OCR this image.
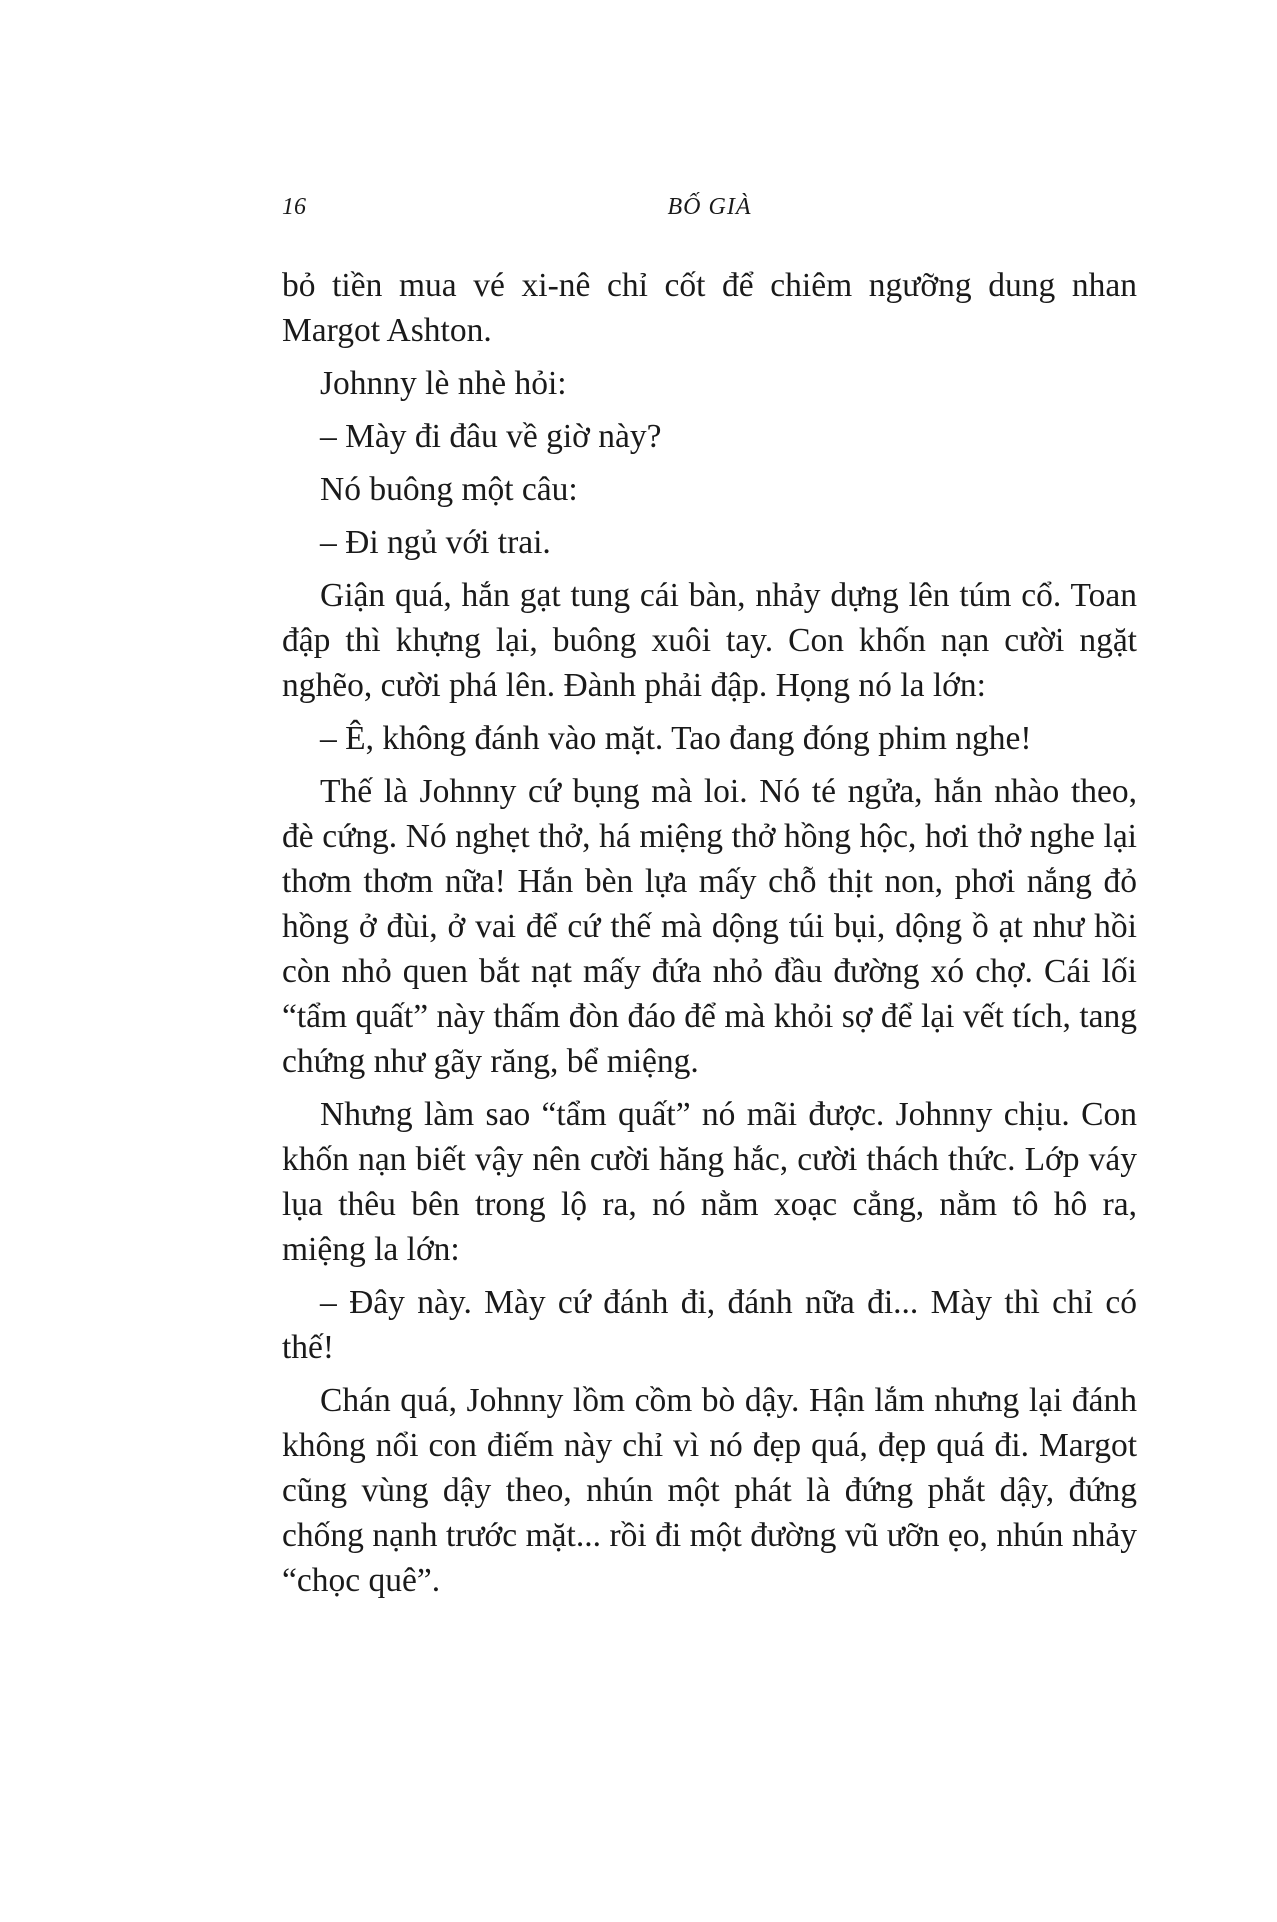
16	BỐ GIÀ

bỏ tiền mua vé xi-nê chỉ cốt để chiêm ngưỡng dung nhan Margot Ashton.

Johnny lè nhè hỏi:

– Mày đi đâu về giờ này?

Nó buông một câu:

– Đi ngủ với trai.

Giận quá, hắn gạt tung cái bàn, nhảy dựng lên túm cổ. Toan đập thì khựng lại, buông xuôi tay. Con khốn nạn cười ngặt nghẽo, cười phá lên. Đành phải đập. Họng nó la lớn:

– Ê, không đánh vào mặt. Tao đang đóng phim nghe!

Thế là Johnny cứ bụng mà loi. Nó té ngửa, hắn nhào theo, đè cứng. Nó nghẹt thở, há miệng thở hồng hộc, hơi thở nghe lại thơm thơm nữa! Hắn bèn lựa mấy chỗ thịt non, phơi nắng đỏ hồng ở đùi, ở vai để cứ thế mà dộng túi bụi, dộng ồ ạt như hồi còn nhỏ quen bắt nạt mấy đứa nhỏ đầu đường xó chợ. Cái lối “tẩm quất” này thấm đòn đáo để mà khỏi sợ để lại vết tích, tang chứng như gãy răng, bể miệng.

Nhưng làm sao “tẩm quất” nó mãi được. Johnny chịu. Con khốn nạn biết vậy nên cười hăng hắc, cười thách thức. Lớp váy lụa thêu bên trong lộ ra, nó nằm xoạc cẳng, nằm tô hô ra, miệng la lớn:

– Đây này. Mày cứ đánh đi, đánh nữa đi... Mày thì chỉ có thế!

Chán quá, Johnny lồm cồm bò dậy. Hận lắm nhưng lại đánh không nổi con điếm này chỉ vì nó đẹp quá, đẹp quá đi. Margot cũng vùng dậy theo, nhún một phát là đứng phắt dậy, đứng chống nạnh trước mặt... rồi đi một đường vũ ưỡn ẹo, nhún nhảy “chọc quê”.
